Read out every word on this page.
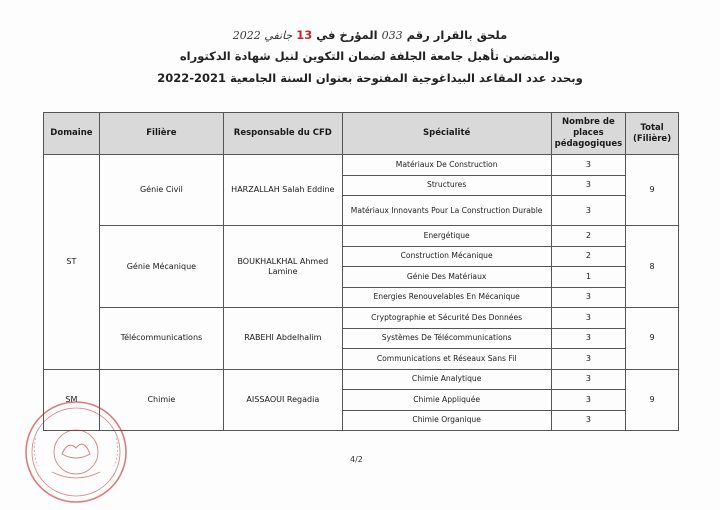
ملحق بالقرار رقم 033 المؤرخ في 13 جانفي 2022
والمتضمن تأهيل جامعة الجلفة لضمان التكوين لنيل شهادة الدكتوراه
وبحدد عدد المقاعد البيداغوجية المفتوحة بعنوان السنة الجامعية 2021-2022
Domaine	Filière	Responsable du CFD	Spécialité	Nombre de places pédagogiques	Total (Filière)
ST	Génie Civil	HARZALLAH Salah Eddine	Matériaux De Construction	3	9
			Structures	3	
			Matériaux Innovants Pour La Construction Durable	3	
	Génie Mécanique	BOUKHALKHAL Ahmed Lamine	Energétique	2	8
			Construction Mécanique	2	
			Génie Des Matériaux	1	
			Energies Renouvelables En Mécanique	3	
	Télécommunications	RABEHI Abdelhalim	Cryptographie et Sécurité Des Données	3	9
			Systèmes De Télécommunications	3	
			Communications et Réseaux Sans Fil	3	
SM	Chimie	AISSAOUI Regadia	Chimie Analytique	3	9
			Chimie Appliquée	3	
			Chimie Organique	3	
4/2
